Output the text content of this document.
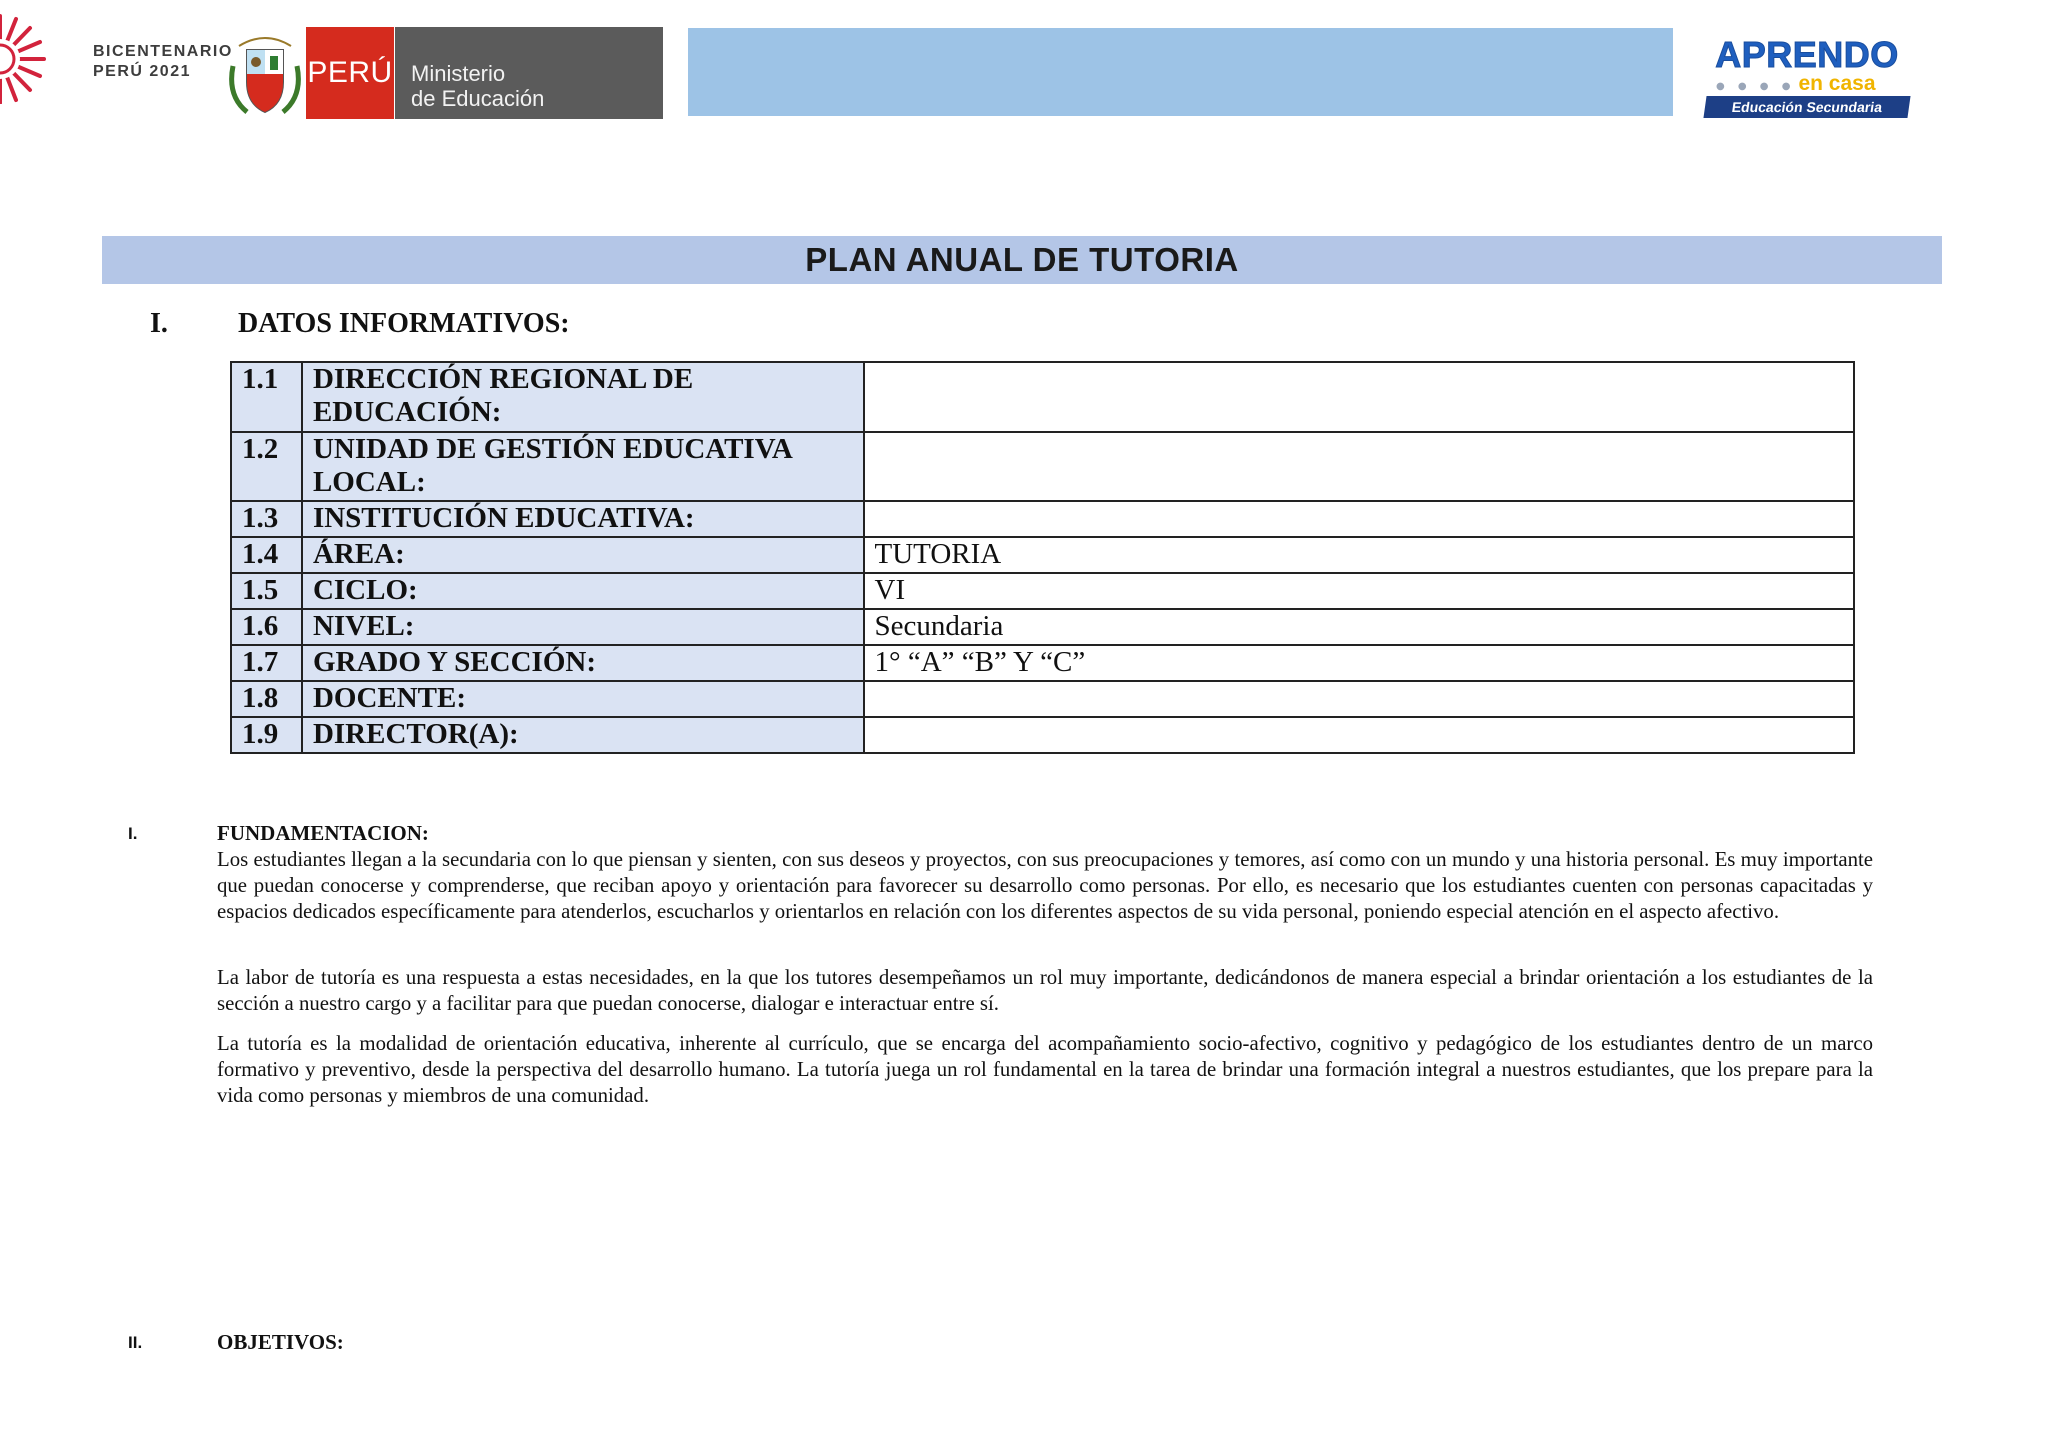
BICENTENARIO
PERÚ 2021	PERÚ Ministerio
de Educación
APRENDO
● ● ● ● en casa
Educación Secundaria
PLAN ANUAL DE TUTORIA
I.	DATOS INFORMATIVOS:
1.1	DIRECCIÓN REGIONAL DE EDUCACIÓN:	
1.2	UNIDAD DE GESTIÓN EDUCATIVA LOCAL:	
1.3	INSTITUCIÓN EDUCATIVA:	
1.4	ÁREA:	TUTORIA
1.5	CICLO:	VI
1.6	NIVEL:	Secundaria
1.7	GRADO Y SECCIÓN:	1° “A” “B” Y “C”
1.8	DOCENTE:	
1.9	DIRECTOR(A):	
I.	FUNDAMENTACION:

Los estudiantes llegan a la secundaria con lo que piensan y sienten, con sus deseos y proyectos, con sus preocupaciones y temores, así como con un mundo y una historia personal. Es muy importante que puedan conocerse y comprenderse, que reciban apoyo y orientación para favorecer su desarrollo como personas. Por ello, es necesario que los estudiantes cuenten con personas capacitadas y espacios dedicados específicamente para atenderlos, escucharlos y orientarlos en relación con los diferentes aspectos de su vida personal, poniendo especial atención en el aspecto afectivo.

La labor de tutoría es una respuesta a estas necesidades, en la que los tutores desempeñamos un rol muy importante, dedicándonos de manera especial a brindar orientación a los estudiantes de la sección a nuestro cargo y a facilitar para que puedan conocerse, dialogar e interactuar entre sí.

La tutoría es la modalidad de orientación educativa, inherente al currículo, que se encarga del acompañamiento socio-afectivo, cognitivo y pedagógico de los estudiantes dentro de un marco formativo y preventivo, desde la perspectiva del desarrollo humano. La tutoría juega un rol fundamental en la tarea de brindar una formación integral a nuestros estudiantes, que los prepare para la vida como personas y miembros de una comunidad.

II.	OBJETIVOS:
